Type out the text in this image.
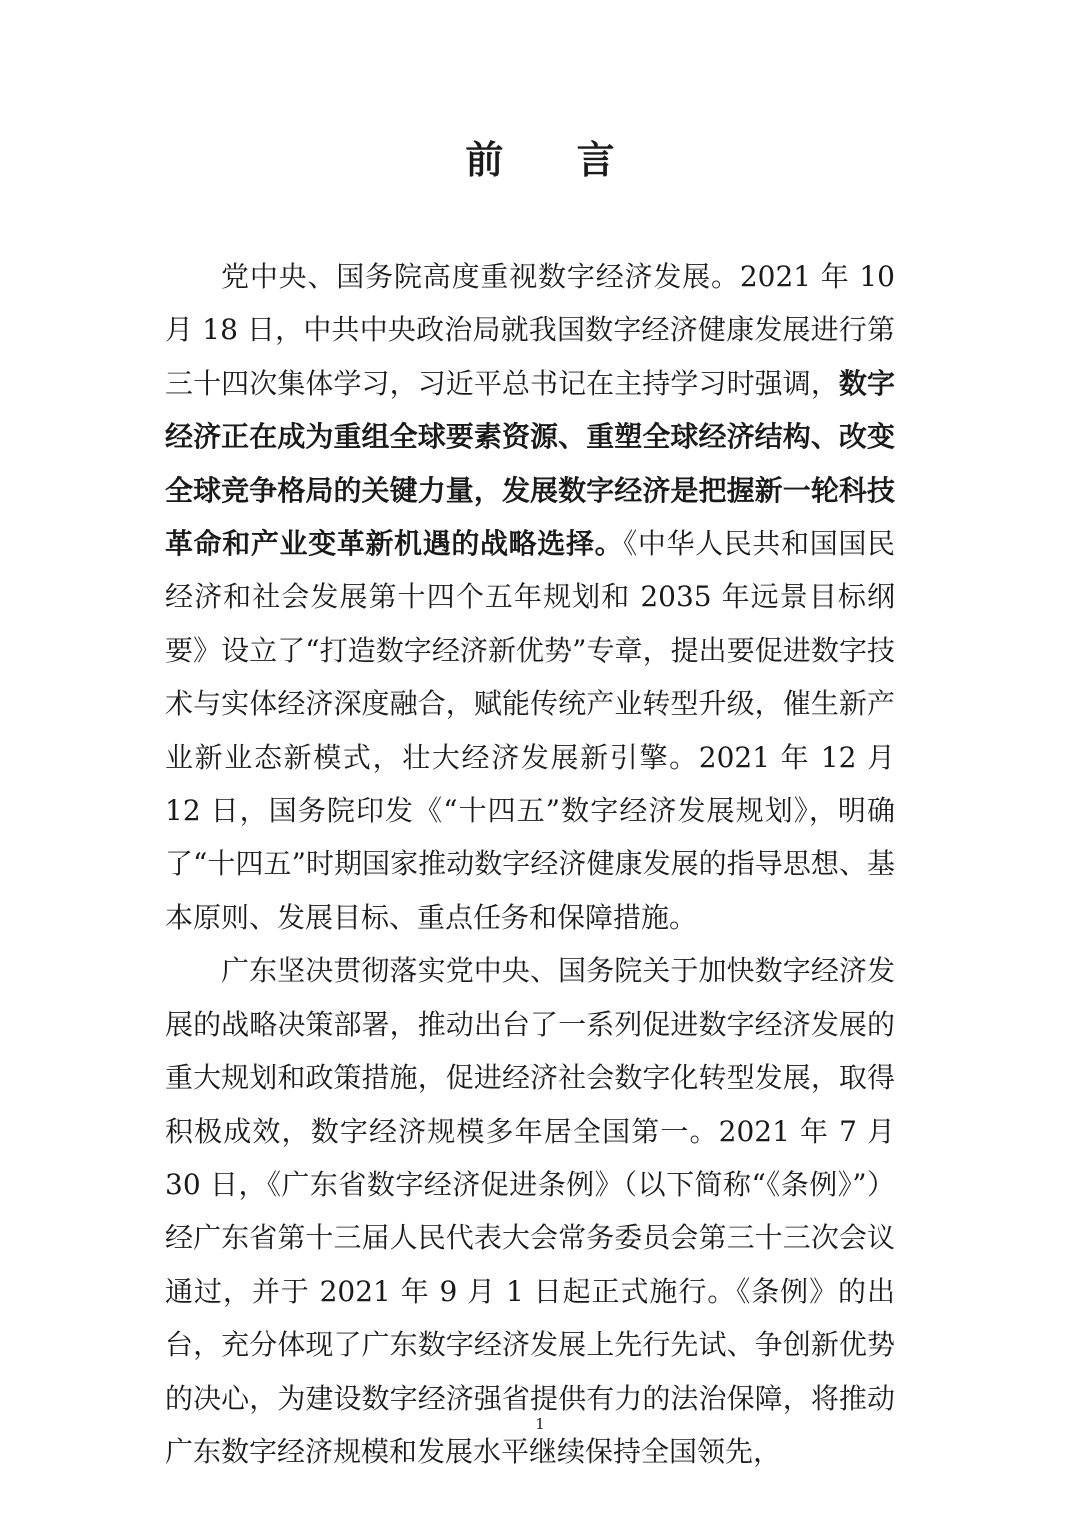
前 言

党中央、国务院高度重视数字经济发展。2021 年 10 月 18 日，中共中央政治局就我国数字经济健康发展进行第三十四次集体学习，习近平总书记在主持学习时强调，数字经济正在成为重组全球要素资源、重塑全球经济结构、改变全球竞争格局的关键力量，发展数字经济是把握新一轮科技革命和产业变革新机遇的战略选择。《中华人民共和国国民经济和社会发展第十四个五年规划和 2035 年远景目标纲要》设立了“打造数字经济新优势”专章，提出要促进数字技术与实体经济深度融合，赋能传统产业转型升级，催生新产业新业态新模式，壮大经济发展新引擎。2021 年 12 月 12 日，国务院印发《“十四五”数字经济发展规划》，明确了“十四五”时期国家推动数字经济健康发展的指导思想、基本原则、发展目标、重点任务和保障措施。

广东坚决贯彻落实党中央、国务院关于加快数字经济发展的战略决策部署，推动出台了一系列促进数字经济发展的重大规划和政策措施，促进经济社会数字化转型发展，取得积极成效，数字经济规模多年居全国第一。2021 年 7 月 30 日，《广东省数字经济促进条例》（以下简称“《条例》”）经广东省第十三届人民代表大会常务委员会第三十三次会议通过，并于 2021 年 9 月 1 日起正式施行。《条例》的出台，充分体现了广东数字经济发展上先行先试、争创新优势的决心，为建设数字经济强省提供有力的法治保障，将推动广东数字经济规模和发展水平继续保持全国领先，

1
